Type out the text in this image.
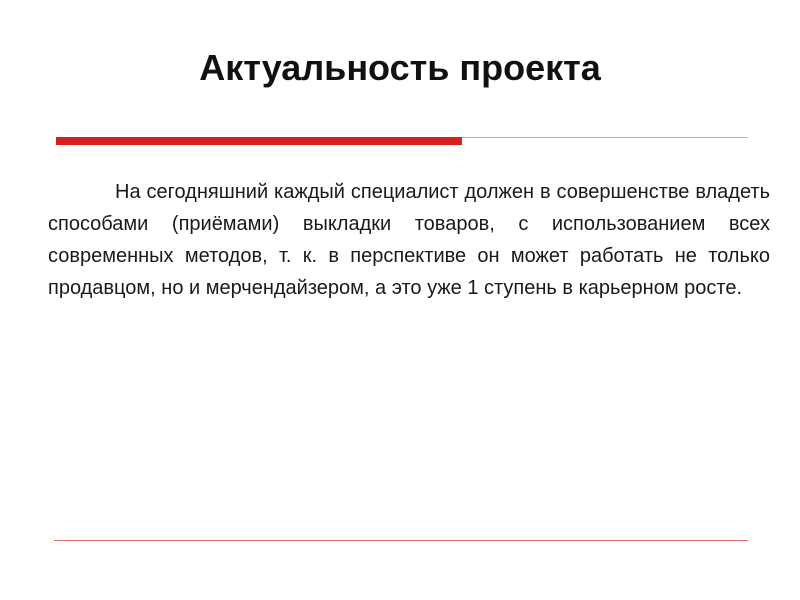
Актуальность проекта

На сегодняшний каждый специалист должен в совершенстве владеть способами (приёмами) выкладки товаров, с использованием всех современных методов, т. к. в перспективе он может работать не только продавцом, но и мерчендайзером, а это уже 1 ступень в карьерном росте.
